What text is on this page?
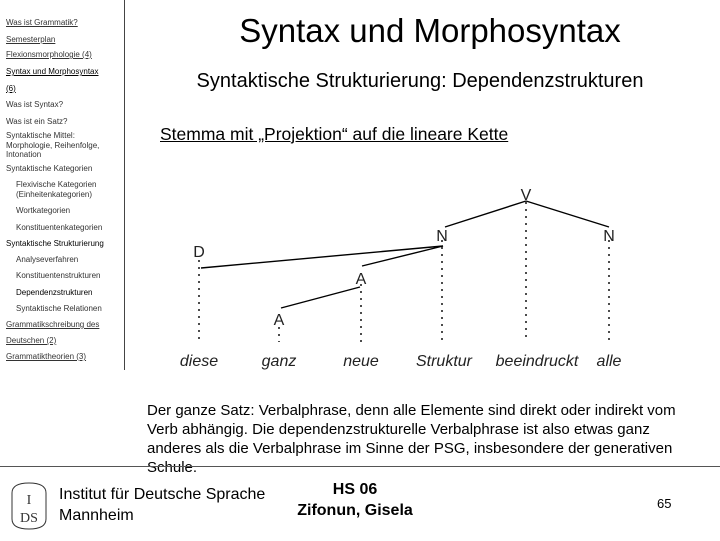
Was ist Grammatik?
Semesterplan
Flexionsmorphologie (4)
Syntax und Morphosyntax
(6)
Was ist Syntax?
Was ist ein Satz?
Syntaktische Mittel: Morphologie, Reihenfolge, Intonation
Syntaktische Kategorien
Flexivische Kategorien (Einheitenkategorien)
Wortkategorien
Konstituentenkategorien
Syntaktische Strukturierung
Analyseverfahren
Konstituentenstrukturen
Dependenzstrukturen
Syntaktische Relationen
Grammatikschreibung des
Deutschen (2)
Grammatiktheorien (3)
Syntax und Morphosyntax
Syntaktische Strukturierung: Dependenzstrukturen
Stemma mit „Projektion“ auf die lineare Kette
V
N	N
D
A
A
diese	ganz	neue Struktur beeindruckt alle
Der ganze Satz: Verbalphrase, denn alle Elemente sind direkt oder indirekt vom Verb abhängig. Die dependenzstrukturelle Verbalphrase ist also etwas ganz anderes als die Verbalphrase im Sinne der PSG, insbesondere der generativen Schule.
I
DS
Institut für Deutsche Sprache
Mannheim
HS 06
Zifonun, Gisela	65
